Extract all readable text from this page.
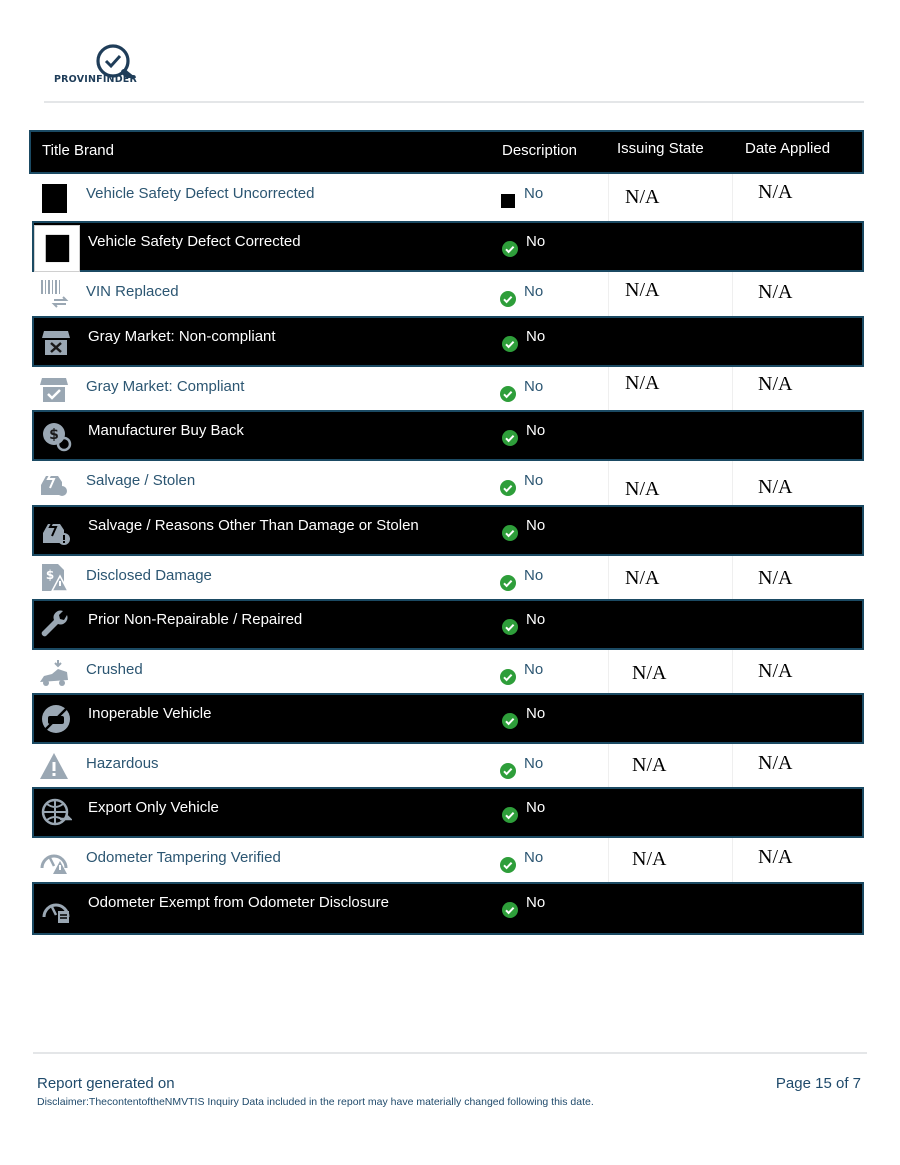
PROVINFINDER
Title Brand	Description	Issuing State	Date Applied
Vehicle Safety Defect Uncorrected	No	N/A	N/A
Vehicle Safety Defect Corrected	No
VIN Replaced	No	N/A	N/A
Gray Market: Non-compliant	No
Gray Market: Compliant	No	N/A	N/A
$ Manufacturer Buy Back	No
Salvage / Stolen	No	N/A	N/A
Salvage / Reasons Other Than Damage or Stolen	No
$ Disclosed Damage	No	N/A	N/A
Prior Non-Repairable / Repaired	No
Crushed	No	N/A	N/A
Inoperable Vehicle	No
Hazardous	No	N/A	N/A
Export Only Vehicle	No
Odometer Tampering Verified	No	N/A	N/A
Odometer Exempt from Odometer Disclosure	No
Report generated on	Page 15 of 7
Disclaimer:ThecontentoftheNMVTIS Inquiry Data included in the report may have materially changed following this date.
